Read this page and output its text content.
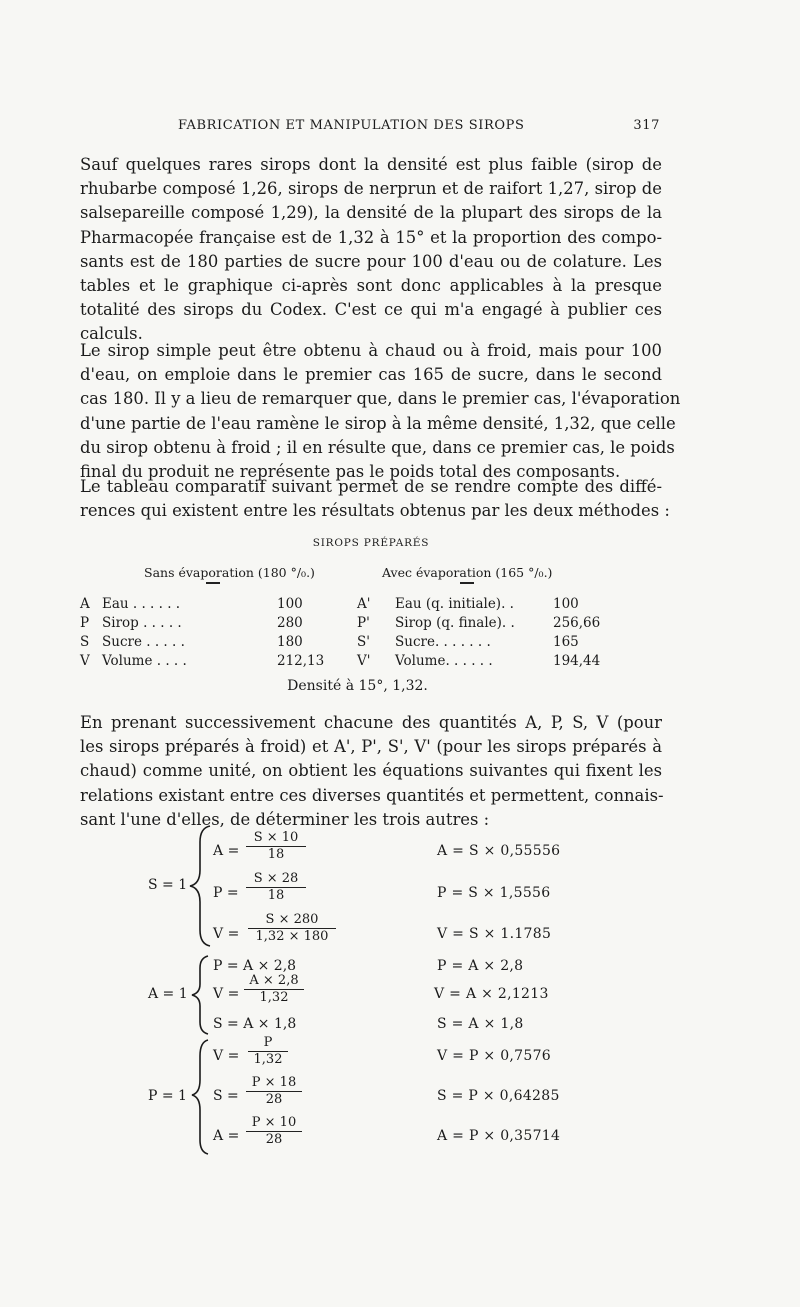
FABRICATION ET MANIPULATION DES SIROPS	317
Sauf quelques rares sirops dont la densité est plus faible (sirop de
rhubarbe composé 1,26, sirops de nerprun et de raifort 1,27, sirop de
salsepareille composé 1,29), la densité de la plupart des sirops de la
Pharmacopée française est de 1,32 à 15° et la proportion des compo-
sants est de 180 parties de sucre pour 100 d'eau ou de colature. Les
tables et le graphique ci-après sont donc applicables à la presque
totalité des sirops du Codex. C'est ce qui m'a engagé à publier ces
calculs.
Le sirop simple peut être obtenu à chaud ou à froid, mais pour 100
d'eau, on emploie dans le premier cas 165 de sucre, dans le second
cas 180. Il y a lieu de remarquer que, dans le premier cas, l'évaporation
d'une partie de l'eau ramène le sirop à la même densité, 1,32, que celle
du sirop obtenu à froid ; il en résulte que, dans ce premier cas, le poids
final du produit ne représente pas le poids total des composants.
Le tableau comparatif suivant permet de se rendre compte des diffé-
rences qui existent entre les résultats obtenus par les deux méthodes :
SIROPS PRÉPARÉS
Sans évaporation (180 °/₀.)	Avec évaporation (165 °/₀.)
A Eau . . . . . .	100	A' Eau (q. initiale). .	100
P Sirop . . . . .	280	P' Sirop (q. finale). .	256,66
S Sucre . . . . .	180	S' Sucre. . . . . . .	165
V Volume . . . .	212,13 V' Volume. . . . . .	194,44
Densité à 15°, 1,32.
En prenant successivement chacune des quantités A, P, S, V (pour
les sirops préparés à froid) et A', P', S', V' (pour les sirops préparés à
chaud) comme unité, on obtient les équations suivantes qui fixent les
relations existant entre ces diverses quantités et permettent, connais-
sant l'une d'elles, de déterminer les trois autres :
S = 1
A =
S × 10
18	A = S × 0,55556
P =
S × 28
18	P = S × 1,5556
V =
S × 280
1,32 × 180	V = S × 1.1785
A = 1
P = A × 2,8	P = A × 2,8
V =
A × 2,8
1,32	V = A × 2,1213
S = A × 1,8	S = A × 1,8
P = 1
V =
P
1,32	V = P × 0,7576
S =
P × 18
28	S = P × 0,64285
A =
P × 10
28	A = P × 0,35714
